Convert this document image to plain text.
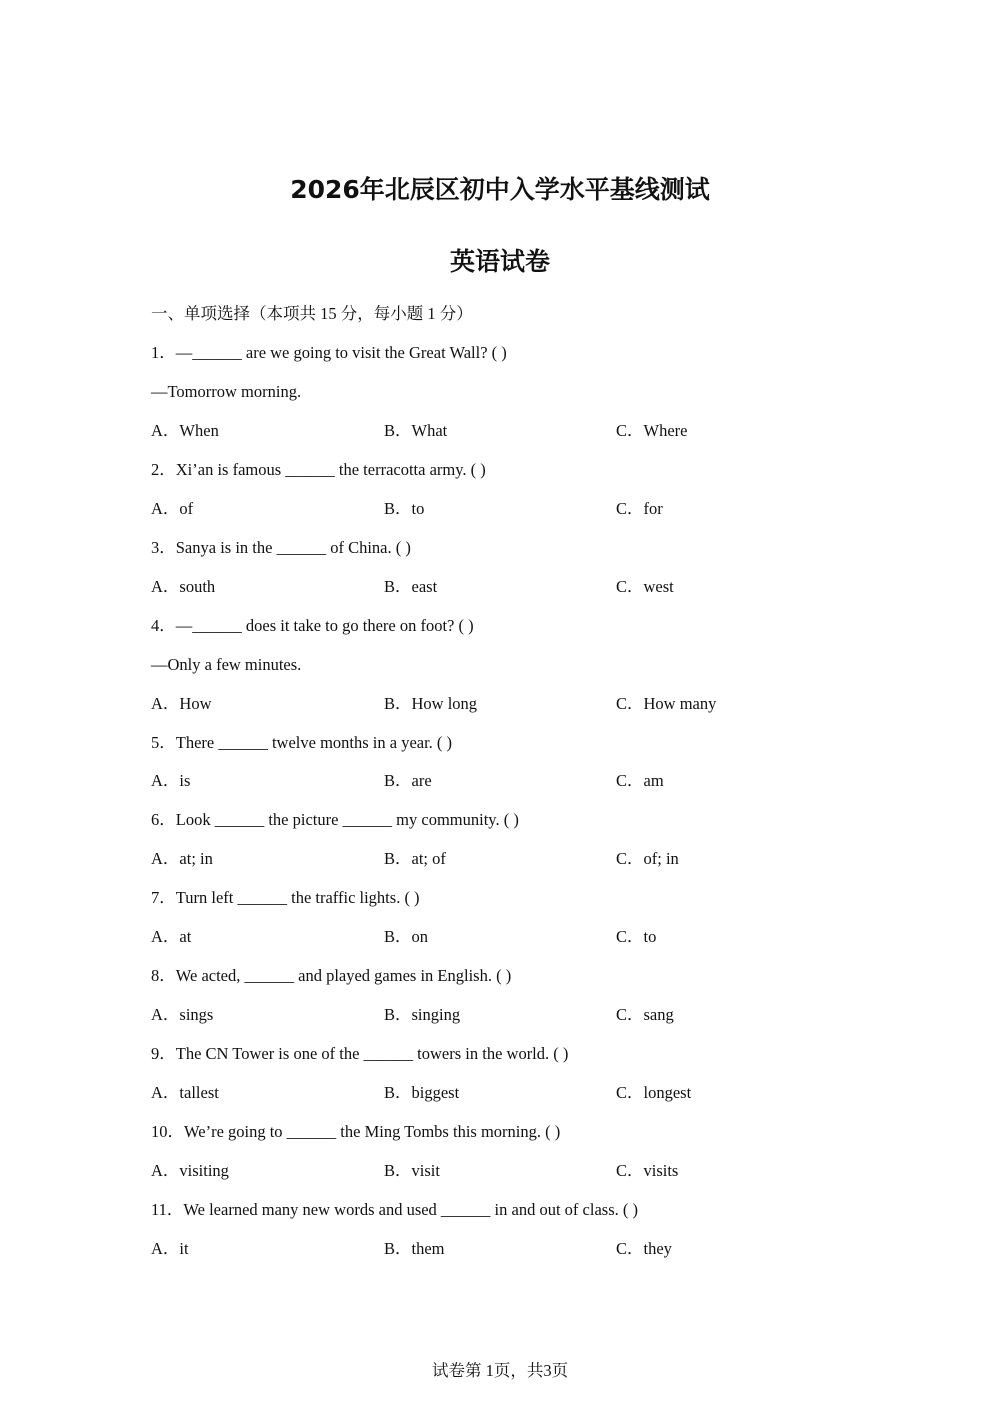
2026年北辰区初中入学水平基线测试
英语试卷
一、单项选择（本项共 15 分，每小题 1 分）
1．—______ are we going to visit the Great Wall? ( )
—Tomorrow morning.
A．When	B．What	C．Where
2．Xi’an is famous ______ the terracotta army. ( )
A．of	B．to	C．for
3．Sanya is in the ______ of China. ( )
A．south	B．east	C．west
4．—______ does it take to go there on foot? ( )
—Only a few minutes.
A．How	B．How long	C．How many
5．There ______ twelve months in a year. ( )
A．is	B．are	C．am
6．Look ______ the picture ______ my community. ( )
A．at; in	B．at; of	C．of; in
7．Turn left ______ the traffic lights. ( )
A．at	B．on	C．to
8．We acted, ______ and played games in English. ( )
A．sings	B．singing	C．sang
9．The CN Tower is one of the ______ towers in the world. ( )
A．tallest	B．biggest	C．longest
10．We’re going to ______ the Ming Tombs this morning. ( )
A．visiting	B．visit	C．visits
11．We learned many new words and used ______ in and out of class. ( )
A．it	B．them	C．they
试卷第 1页，共3页
